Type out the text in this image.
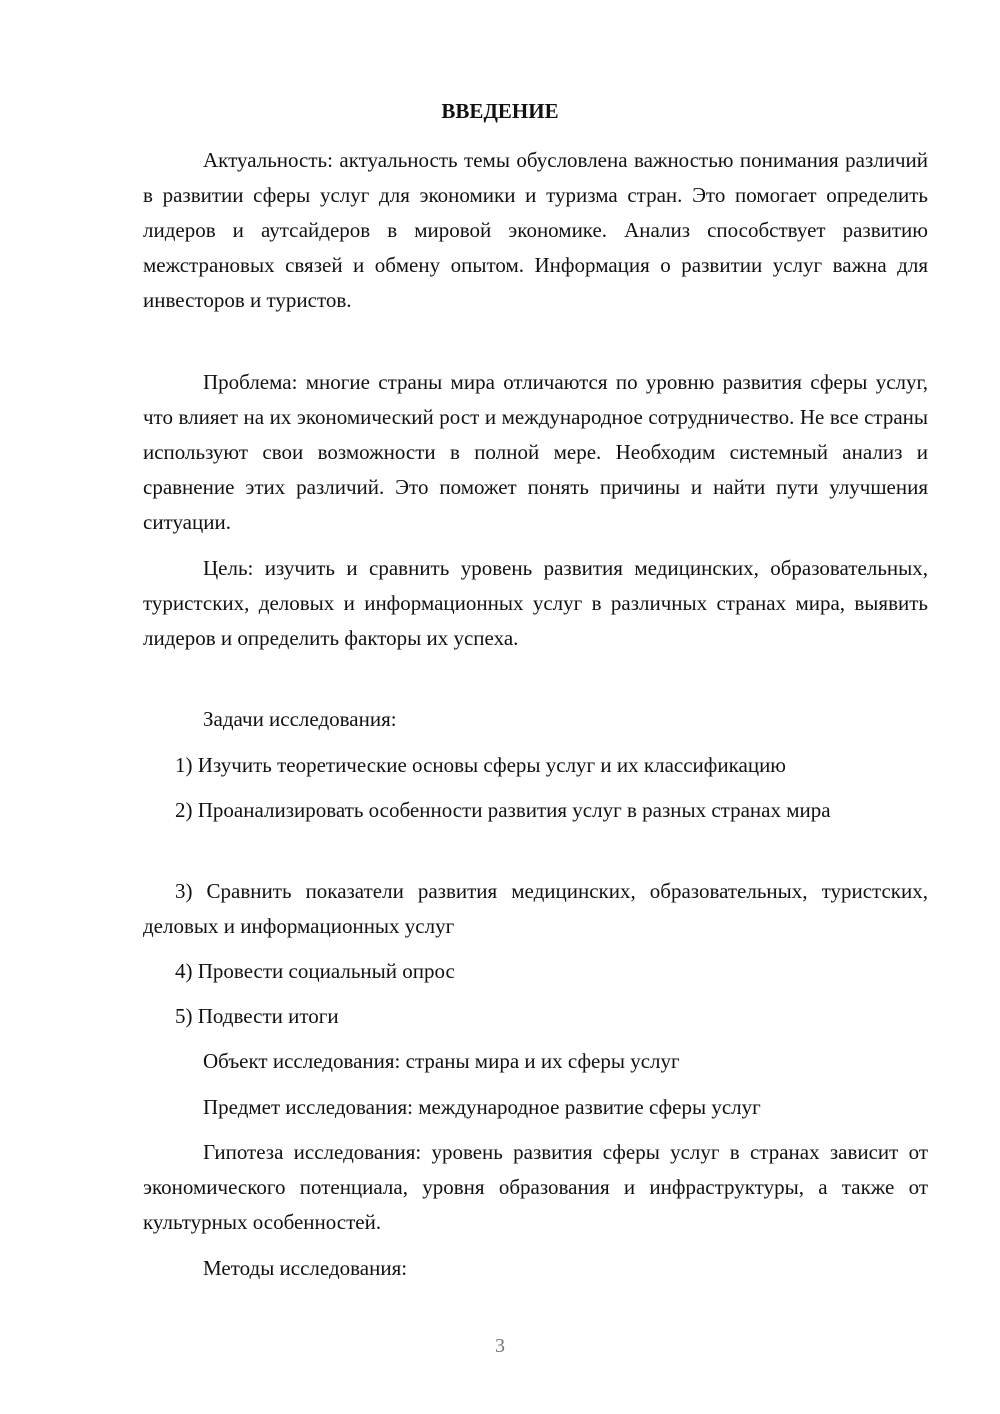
ВВЕДЕНИЕ

Актуальность: актуальность темы обусловлена важностью понимания различий в развитии сферы услуг для экономики и туризма стран. Это помогает определить лидеров и аутсайдеров в мировой экономике. Анализ способствует развитию межстрановых связей и обмену опытом. Информация о развитии услуг важна для инвесторов и туристов.

Проблема: многие страны мира отличаются по уровню развития сферы услуг, что влияет на их экономический рост и международное сотрудничество. Не все страны используют свои возможности в полной мере. Необходим системный анализ и сравнение этих различий. Это поможет понять причины и найти пути улучшения ситуации.

Цель: изучить и сравнить уровень развития медицинских, образовательных, туристских, деловых и информационных услуг в различных странах мира, выявить лидеров и определить факторы их успеха.

Задачи исследования:

1) Изучить теоретические основы сферы услуг и их классификацию

2) Проанализировать особенности развития услуг в разных странах мира

3) Сравнить показатели развития медицинских, образовательных, туристских, деловых и информационных услуг

4) Провести социальный опрос

5) Подвести итоги

Объект исследования: страны мира и их сферы услуг

Предмет исследования: международное развитие сферы услуг

Гипотеза исследования: уровень развития сферы услуг в странах зависит от экономического потенциала, уровня образования и инфраструктуры, а также от культурных особенностей.

Методы исследования:

3
